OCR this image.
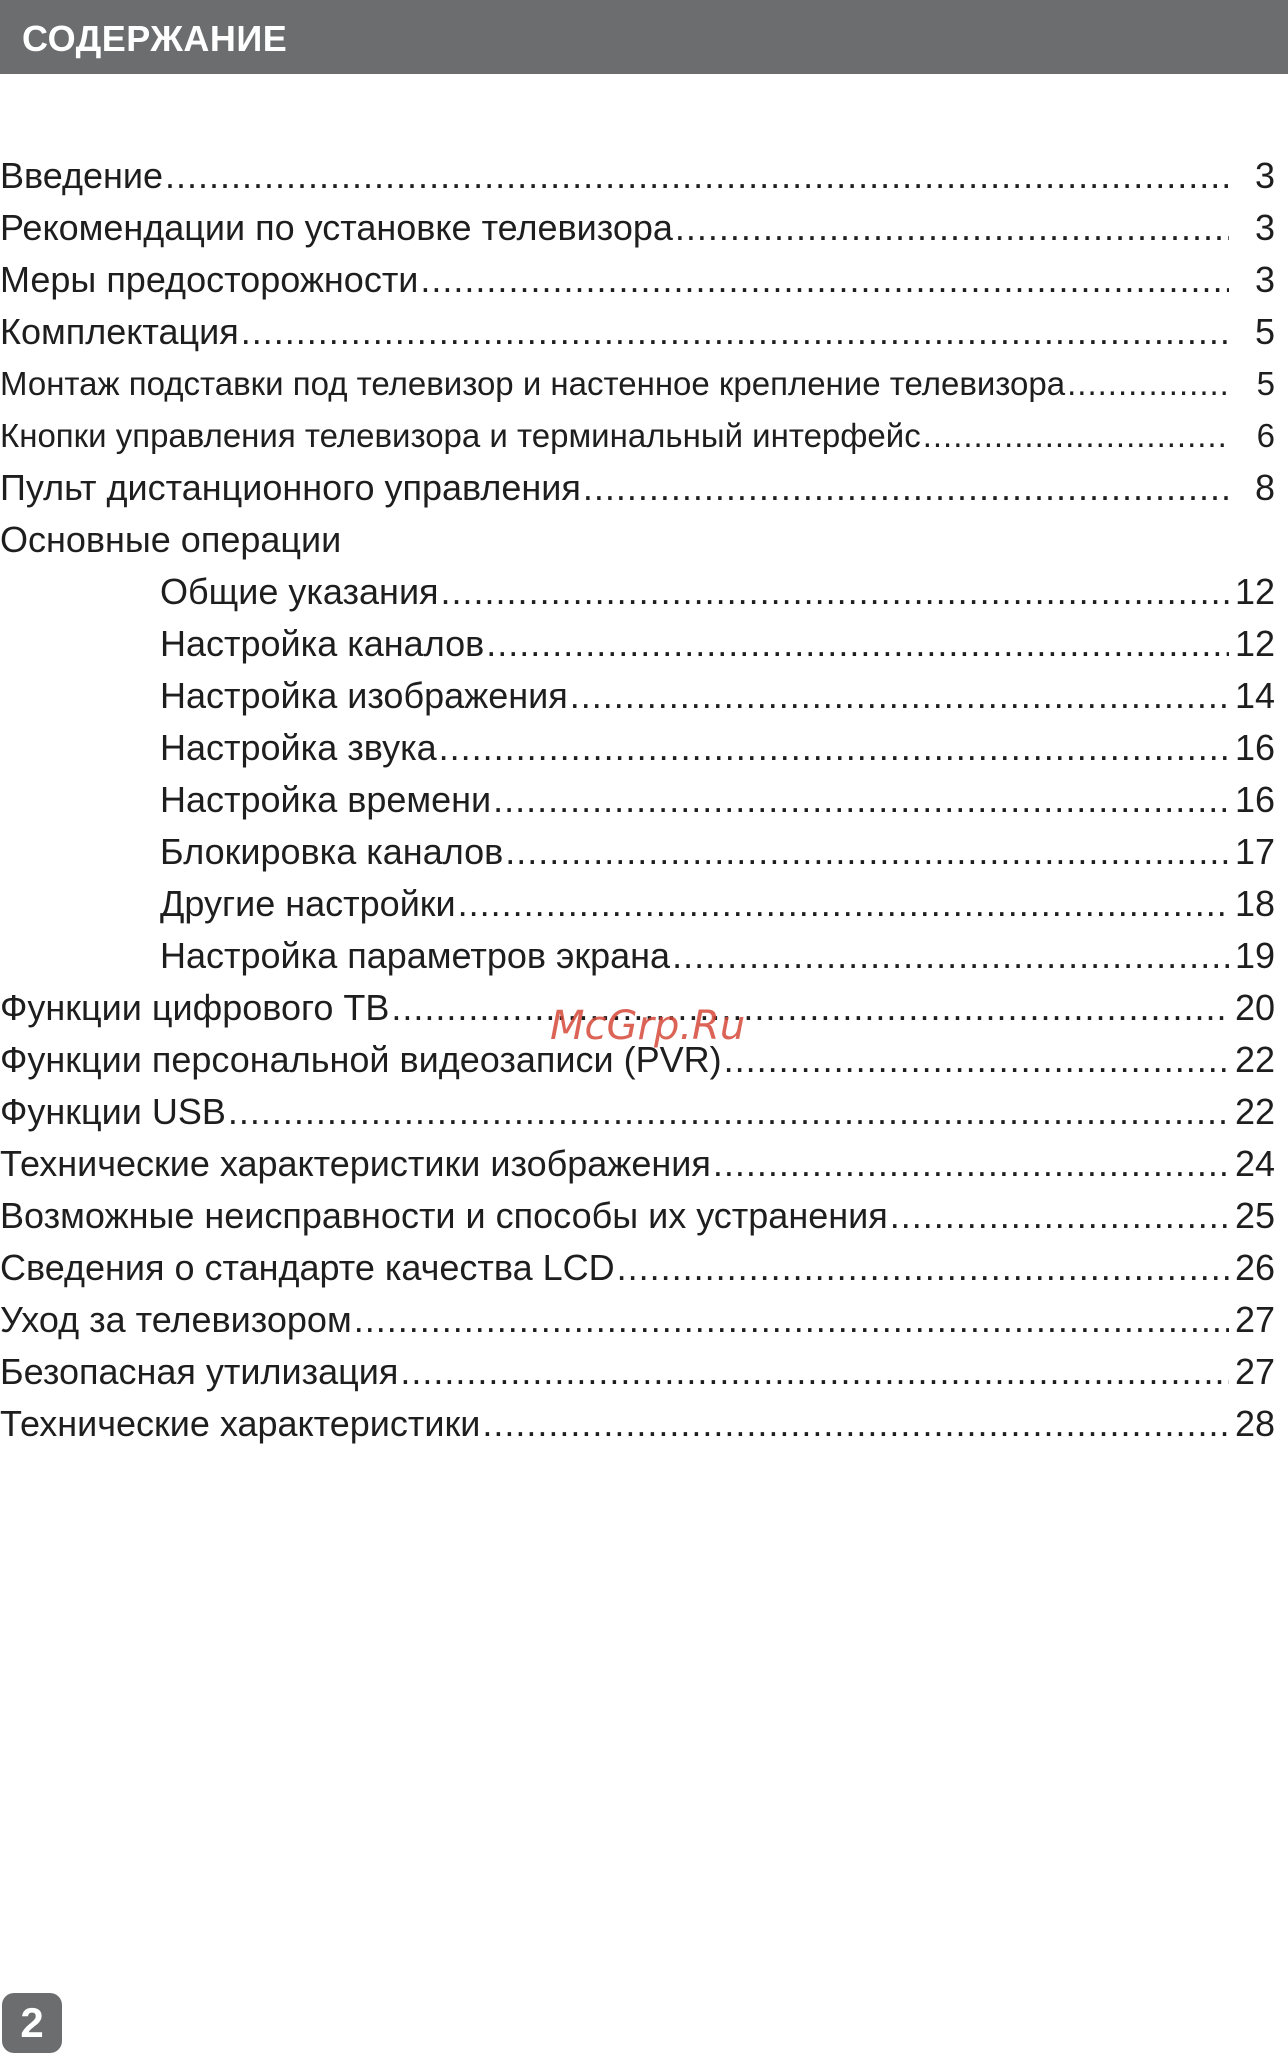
СОДЕРЖАНИЕ
Введение .....	3
Рекомендации по установке телевизора .....	3
Меры предосторожности .....	3
Комплектация .....	5
Монтаж подставки под телевизор и настенное крепление телевизора .....	5
Кнопки управления телевизора и терминальный интерфейс .....	6
Пульт дистанционного управления .....	8
Основные операции
Общие указания .....	12
Настройка каналов .....	12
Настройка изображения .....	14
Настройка звука .....	16
Настройка времени .....	16
Блокировка каналов .....	17
Другие настройки .....	18
Настройка параметров экрана .....	19
Функции цифрового ТВ .....	20
Функции персональной видеозаписи (PVR) .....	22
Функции USB .....	22
Технические характеристики изображения .....	24
Возможные неисправности и способы их устранения .....	25
Сведения о стандарте качества LCD .....	26
Уход за телевизором .....	27
Безопасная утилизация .....	27
Технические характеристики .....	28
McGrp.Ru
2
